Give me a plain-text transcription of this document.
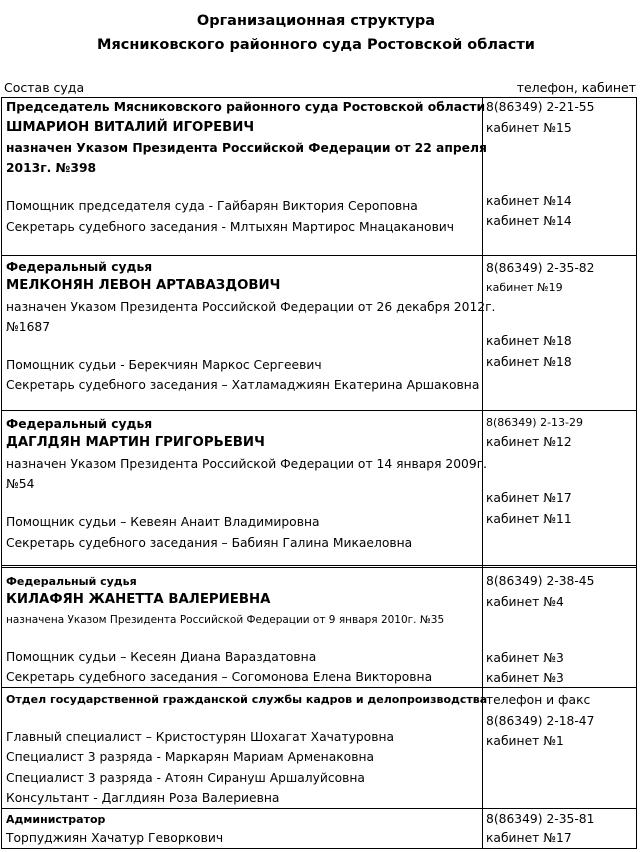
Организационная структура
Мясниковского районного суда Ростовской области
Состав суда	телефон, кабинет
Председатель Мясниковского районного суда Ростовской области
ШМАРИОН ВИТАЛИЙ ИГОРЕВИЧ
назначен Указом Президента Российской Федерации от 22 апреля
2013г. №398
Помощник председателя суда - Гайбарян Виктория Сероповна
Секретарь судебного заседания - Млтыхян Мартирос Мнацаканович
8(86349) 2-21-55
кабинет №15
кабинет №14
кабинет №14
Федеральный судья
МЕЛКОНЯН ЛЕВОН АРТАВАЗДОВИЧ
назначен Указом Президента Российской Федерации от 26 декабря 2012г.
№1687
Помощник судьи - Берекчиян Маркос Сергеевич
Секретарь судебного заседания – Хатламаджиян Екатерина Аршаковна
8(86349) 2-35-82
кабинет №19
кабинет №18
кабинет №18
Федеральный судья
ДАГЛДЯН МАРТИН ГРИГОРЬЕВИЧ
назначен Указом Президента Российской Федерации от 14 января 2009г.
№54
Помощник судьи – Кевеян Анаит Владимировна
Секретарь судебного заседания – Бабиян Галина Микаеловна
8(86349) 2-13-29
кабинет №12
кабинет №17
кабинет №11
Федеральный судья
КИЛАФЯН ЖАНЕТТА ВАЛЕРИЕВНА
назначена Указом Президента Российской Федерации от 9 января 2010г. №35
Помощник судьи – Кесеян Диана Вараздатовна
Секретарь судебного заседания – Согомонова Елена Викторовна
8(86349) 2-38-45
кабинет №4
кабинет №3
кабинет №3
Отдел государственной гражданской службы кадров и делопроизводства
Главный специалист – Кристостурян Шохагат Хачатуровна
Специалист 3 разряда - Маркарян Мариам Арменаковна
Специалист 3 разряда - Атоян Сирануш Аршалуйсовна
Консультант - Даглдиян Роза Валериевна
телефон и факс
8(86349) 2-18-47
кабинет №1
Администратор
Торпуджиян Хачатур Геворкович
8(86349) 2-35-81
кабинет №17
